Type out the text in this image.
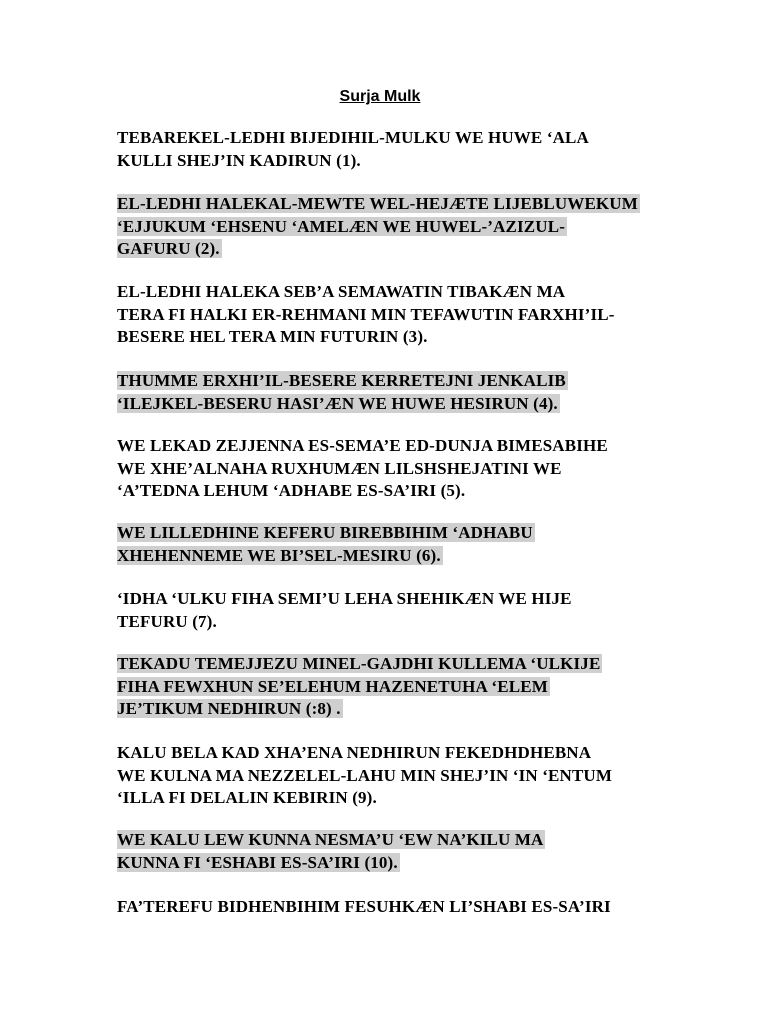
Surja Mulk
TEBAREKEL-LEDHI BIJEDIHIL-MULKU WE HUWE ‘ALA
KULLI SHEJ’IN KADIRUN (1).
EL-LEDHI HALEKAL-MEWTE WEL-HEJÆTE LIJEBLUWEKUM
‘EJJUKUM ‘EHSENU ‘AMELÆN WE HUWEL-’AZIZUL-
GAFURU (2).
EL-LEDHI HALEKA SEB’A SEMAWATIN TIBAKÆN MA
TERA FI HALKI ER-REHMANI MIN TEFAWUTIN FARXHI’IL-
BESERE HEL TERA MIN FUTURIN (3).
THUMME ERXHI’IL-BESERE KERRETEJNI JENKALIB
‘ILEJKEL-BESERU HASI’ÆN WE HUWE HESIRUN (4).
WE LEKAD ZEJJENNA ES-SEMA’E ED-DUNJA BIMESABIHE
WE XHE’ALNAHA RUXHUMÆN LILSHSHEJATINI WE
‘A’TEDNA LEHUM ‘ADHABE ES-SA’IRI (5).
WE LILLEDHINE KEFERU BIREBBIHIM ‘ADHABU
XHEHENNEME WE BI’SEL-MESIRU (6).
‘IDHA ‘ULKU FIHA SEMI’U LEHA SHEHIKÆN WE HIJE
TEFURU (7).
TEKADU TEMEJJEZU MINEL-GAJDHI KULLEMA ‘ULKIJE
FIHA FEWXHUN SE’ELEHUM HAZENETUHA ‘ELEM
JE’TIKUM NEDHIRUN (:8) .
KALU BELA KAD XHA’ENA NEDHIRUN FEKEDHDHEBNA
WE KULNA MA NEZZELEL-LAHU MIN SHEJ’IN ‘IN ‘ENTUM
‘ILLA FI DELALIN KEBIRIN (9).
WE KALU LEW KUNNA NESMA’U ‘EW NA’KILU MA
KUNNA FI ‘ESHABI ES-SA’IRI (10).
FA’TEREFU BIDHENBIHIM FESUHKÆN LI’SHABI ES-SA’IRI
